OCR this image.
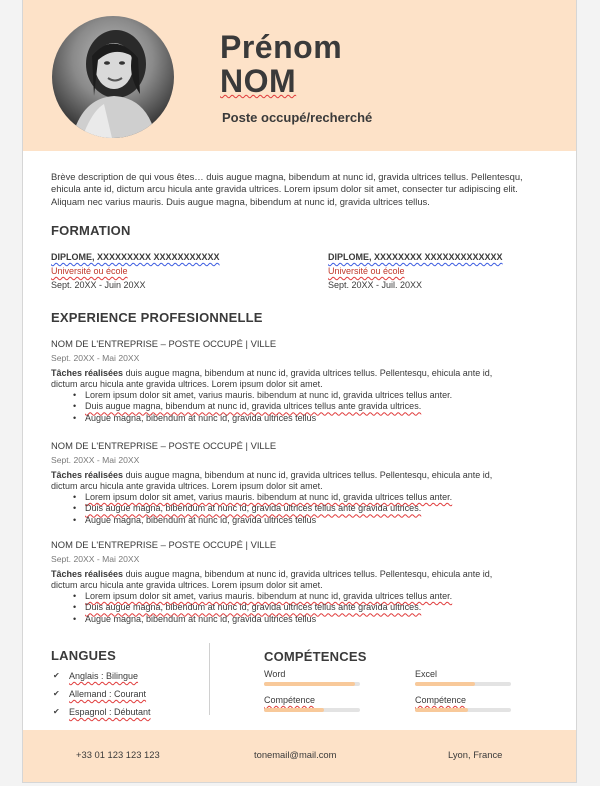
Prénom
NOM
Poste occupé/recherché
Brève description de qui vous êtes… duis augue magna, bibendum at nunc id, gravida ultrices tellus. Pellentesqu, ehicula ante id, dictum arcu hicula ante gravida ultrices. Lorem ipsum dolor sit amet, consecter tur adipiscing elit. Aliquam nec varius mauris. Duis augue magna, bibendum at nunc id, gravida ultrices tellus.
FORMATION
DIPLOME, XXXXXXXXX XXXXXXXXXXX
Université ou école
Sept. 20XX - Juin 20XX
DIPLOME, XXXXXXXX XXXXXXXXXXXXX
Université ou école
Sept. 20XX - Juil. 20XX
EXPERIENCE PROFESIONNELLE
NOM DE L'ENTREPRISE – POSTE OCCUPÉ | VILLE
Sept. 20XX - Mai 20XX
Tâches réalisées duis augue magna, bibendum at nunc id, gravida ultrices tellus. Pellentesqu, ehicula ante id, dictum arcu hicula ante gravida ultrices. Lorem ipsum dolor sit amet.
• Lorem ipsum dolor sit amet, varius mauris. bibendum at nunc id, gravida ultrices tellus anter.
• Duis augue magna, bibendum at nunc id, gravida ultrices tellus ante gravida ultrices.
• Augue magna, bibendum at nunc id, gravida ultrices tellus
NOM DE L'ENTREPRISE – POSTE OCCUPÉ | VILLE
Sept. 20XX - Mai 20XX
Tâches réalisées duis augue magna, bibendum at nunc id, gravida ultrices tellus. Pellentesqu, ehicula ante id, dictum arcu hicula ante gravida ultrices. Lorem ipsum dolor sit amet.
• Lorem ipsum dolor sit amet, varius mauris. bibendum at nunc id, gravida ultrices tellus anter.
• Duis augue magna, bibendum at nunc id, gravida ultrices tellus ante gravida ultrices.
• Augue magna, bibendum at nunc id, gravida ultrices tellus
NOM DE L'ENTREPRISE – POSTE OCCUPÉ | VILLE
Sept. 20XX - Mai 20XX
Tâches réalisées duis augue magna, bibendum at nunc id, gravida ultrices tellus. Pellentesqu, ehicula ante id, dictum arcu hicula ante gravida ultrices. Lorem ipsum dolor sit amet.
• Lorem ipsum dolor sit amet, varius mauris. bibendum at nunc id, gravida ultrices tellus anter.
• Duis augue magna, bibendum at nunc id, gravida ultrices tellus ante gravida ultrices.
• Augue magna, bibendum at nunc id, gravida ultrices tellus
LANGUES
✔ Anglais : Bilingue
✔ Allemand : Courant
✔ Espagnol : Débutant
COMPÉTENCES
Word	Excel
Compétence	Compétence
+33 01 123 123 123	tonemail@mail.com	Lyon, France
